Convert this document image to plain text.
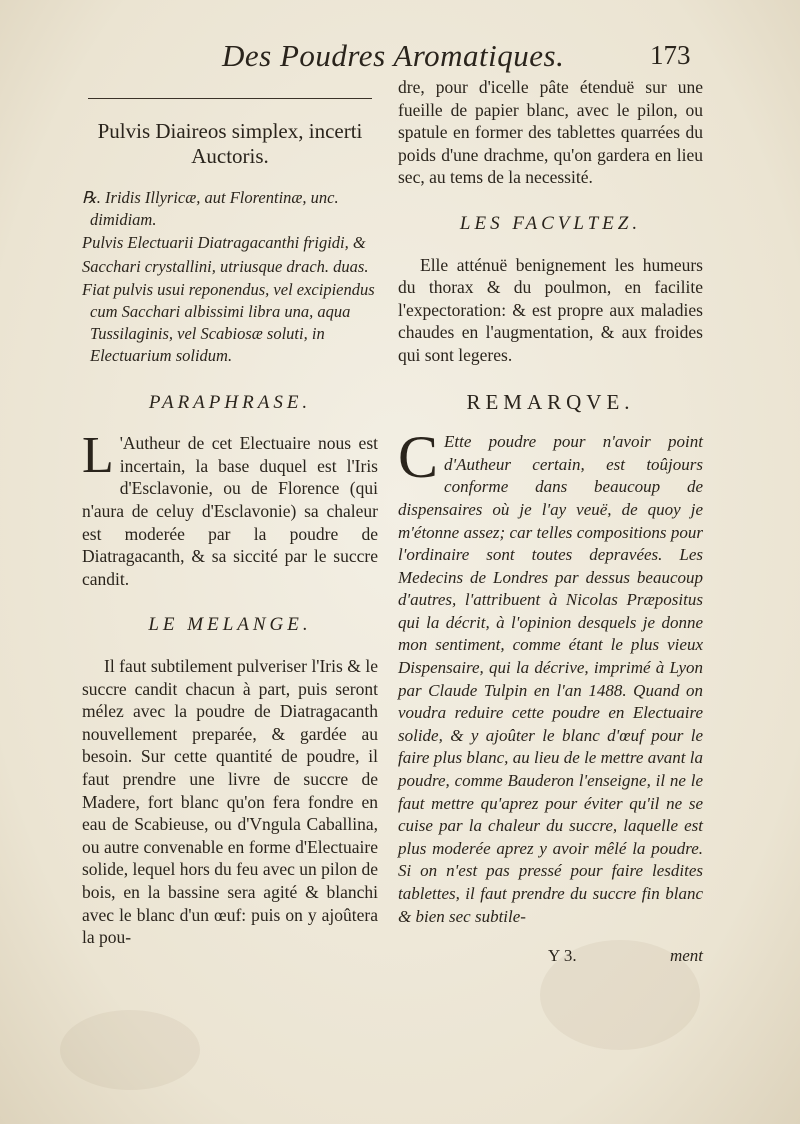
Des Poudres Aromatiques.	173
Pulvis Diaireos simplex, incerti
Auctoris.

℞. Iridis Illyricæ, aut Florentinæ, unc. dimidiam.

Pulvis Electuarii Diatragacanthi frigidi, &

Sacchari crystallini, utriusque drach. duas.

Fiat pulvis usui reponendus, vel excipiendus cum Sacchari albissimi libra una, aqua Tussilaginis, vel Scabiosæ soluti, in Electuarium solidum.

PARAPHRASE.

L 'Autheur de cet Electuaire nous est incertain, la base duquel est l'Iris d'Esclavonie, ou de Florence (qui n'aura de celuy d'Esclavonie) sa chaleur est moderée par la poudre de Diatragacanth, & sa siccité par le succre candit.

LE MELANGE.

Il faut subtilement pulveriser l'Iris & le succre candit chacun à part, puis seront mélez avec la poudre de Diatragacanth nouvellement preparée, & gardée au besoin. Sur cette quantité de poudre, il faut prendre une livre de succre de Madere, fort blanc qu'on fera fondre en eau de Scabieuse, ou d'Vngula Caballina, ou autre convenable en forme d'Electuaire solide, lequel hors du feu avec un pilon de bois, en la bassine sera agité & blanchi avec le blanc d'un œuf: puis on y ajoûtera la pou-

dre, pour d'icelle pâte étenduë sur une fueille de papier blanc, avec le pilon, ou spatule en former des tablettes quarrées du poids d'une drachme, qu'on gardera en lieu sec, au tems de la necessité.

LES FACVLTEZ.

Elle atténuë benignement les humeurs du thorax & du poulmon, en facilite l'expectoration: & est propre aux maladies chaudes en l'augmentation, & aux froides qui sont legeres.

REMARQVE.

C Ette poudre pour n'avoir point d'Autheur certain, est toûjours conforme dans beaucoup de dispensaires où je l'ay veuë, de quoy je m'étonne assez; car telles compositions pour l'ordinaire sont toutes depravées. Les Medecins de Londres par dessus beaucoup d'autres, l'attribuent à Nicolas Præpositus qui la décrit, à l'opinion desquels je donne mon sentiment, comme étant le plus vieux Dispensaire, qui la décrive, imprimé à Lyon par Claude Tulpin en l'an 1488. Quand on voudra reduire cette poudre en Electuaire solide, & y ajoûter le blanc d'œuf pour le faire plus blanc, au lieu de le mettre avant la poudre, comme Bauderon l'enseigne, il ne le faut mettre qu'aprez pour éviter qu'il ne se cuise par la chaleur du succre, laquelle est plus moderée aprez y avoir mêlé la poudre. Si on n'est pas pressé pour faire lesdites tablettes, il faut prendre du succre fin blanc & bien sec subtile-

Y 3.	ment
